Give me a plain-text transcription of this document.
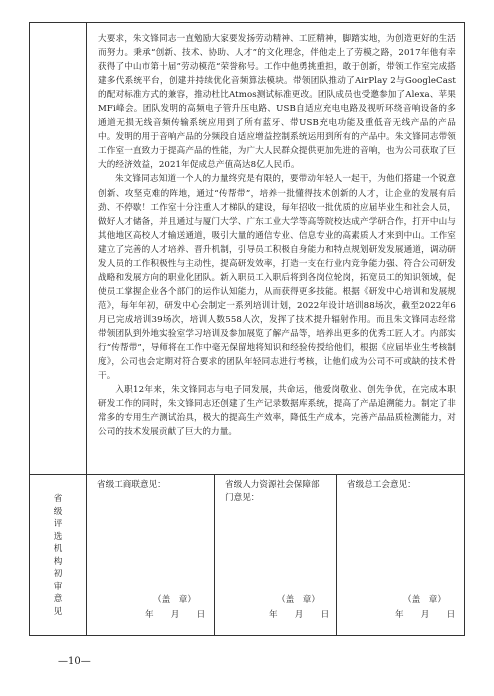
大要求，朱文锋同志一直勉励大家要发扬劳动精神、工匠精神，脚踏实地，为创造更好的生活而努力。秉承“创新、技术、协助、人才”的文化理念，伴他走上了劳模之路，2017年他有幸获得了中山市第十届”劳动模范“荣誉称号。工作中他勇挑重担，敢于创新，带领工作室完成搭建多代系统平台，创建并持续优化音频算法模块。带领团队推动了AirPlay 2与GoogleCast的配对标准方式的兼容，推动杜比Atmos测试标准更改。团队成员也受邀参加了Alexa、苹果MFi峰会。团队发明的高频电子管升压电路、USB自适应充电电路及视听环绕音响设备的多通道无损无线音频传输系统应用到了所有蓝牙、带USB充电功能及重低音无线产品的产品中。发明的用于音响产品的分频段自适应增益控制系统运用到所有的产品中。朱文锋同志带领工作室一直致力于提高产品的性能，为广大人民群众提供更加先进的音响，也为公司获取了巨大的经济效益，2021年促成总产值高达8亿人民币。

朱文锋同志知道一个人的力量终究是有限的，要带动年轻人一起干，为他们搭建一个锐意创新、攻坚克难的阵地，通过“传帮带”，培养一批懂得技术创新的人才，让企业的发展有后劲、不停歇！工作室十分注重人才梯队的建设，每年招收一批优质的应届毕业生和社会人员，做好人才储备，并且通过与厦门大学、广东工业大学等高等院校达成产学研合作，打开中山与其他地区高校人才输送通道，吸引大量的通信专业、信息专业的高素质人才来到中山。工作室建立了完善的人才培养、晋升机制，引导员工积极自身能力和特点规划研发发展通道，调动研发人员的工作积极性与主动性，提高研发效率，打造一支在行业内竞争能力强、符合公司研发战略和发展方向的职业化团队。新入职员工入职后将到各岗位轮岗，拓宽员工的知识领域，促使员工掌握企业各个部门的运作认知能力，从而获得更多技能。根据《研发中心培训和发展规范》，每年年初，研发中心会制定一系列培训计划，2022年设计培训88场次，截至2022年6月已完成培训39场次，培训人数558人次，发挥了技术提升辐射作用。而且朱文锋同志经常带领团队到外地实验室学习培训及参加展览了解产品等，培养出更多的优秀工匠人才。内部实行“传帮带”，导师将在工作中毫无保留地将知识和经验传授给他们，根据《应届毕业生考核制度》，公司也会定期对符合要求的团队年轻同志进行考核，让他们成为公司不可或缺的技术骨干。

入职12年来，朱文锋同志与电子同发展，共命运，他爱岗敬业、创先争优，在完成本职研发工作的同时，朱文锋同志还创建了生产记录数据库系统，提高了产品追溯能力。制定了非常多的专用生产测试治具，极大的提高生产效率，降低生产成本，完善产品品质检测能力，对公司的技术发展贡献了巨大的力量。

省
级
评
选
机
构
初
审
意
见
省级工商联意见：
（盖　章）
年　　月　　日
省级人力资源社会保障部门意见：
（盖　章）
年　　月　　日
省级总工会意见：
（盖　章）
年　　月　　日
—10—
